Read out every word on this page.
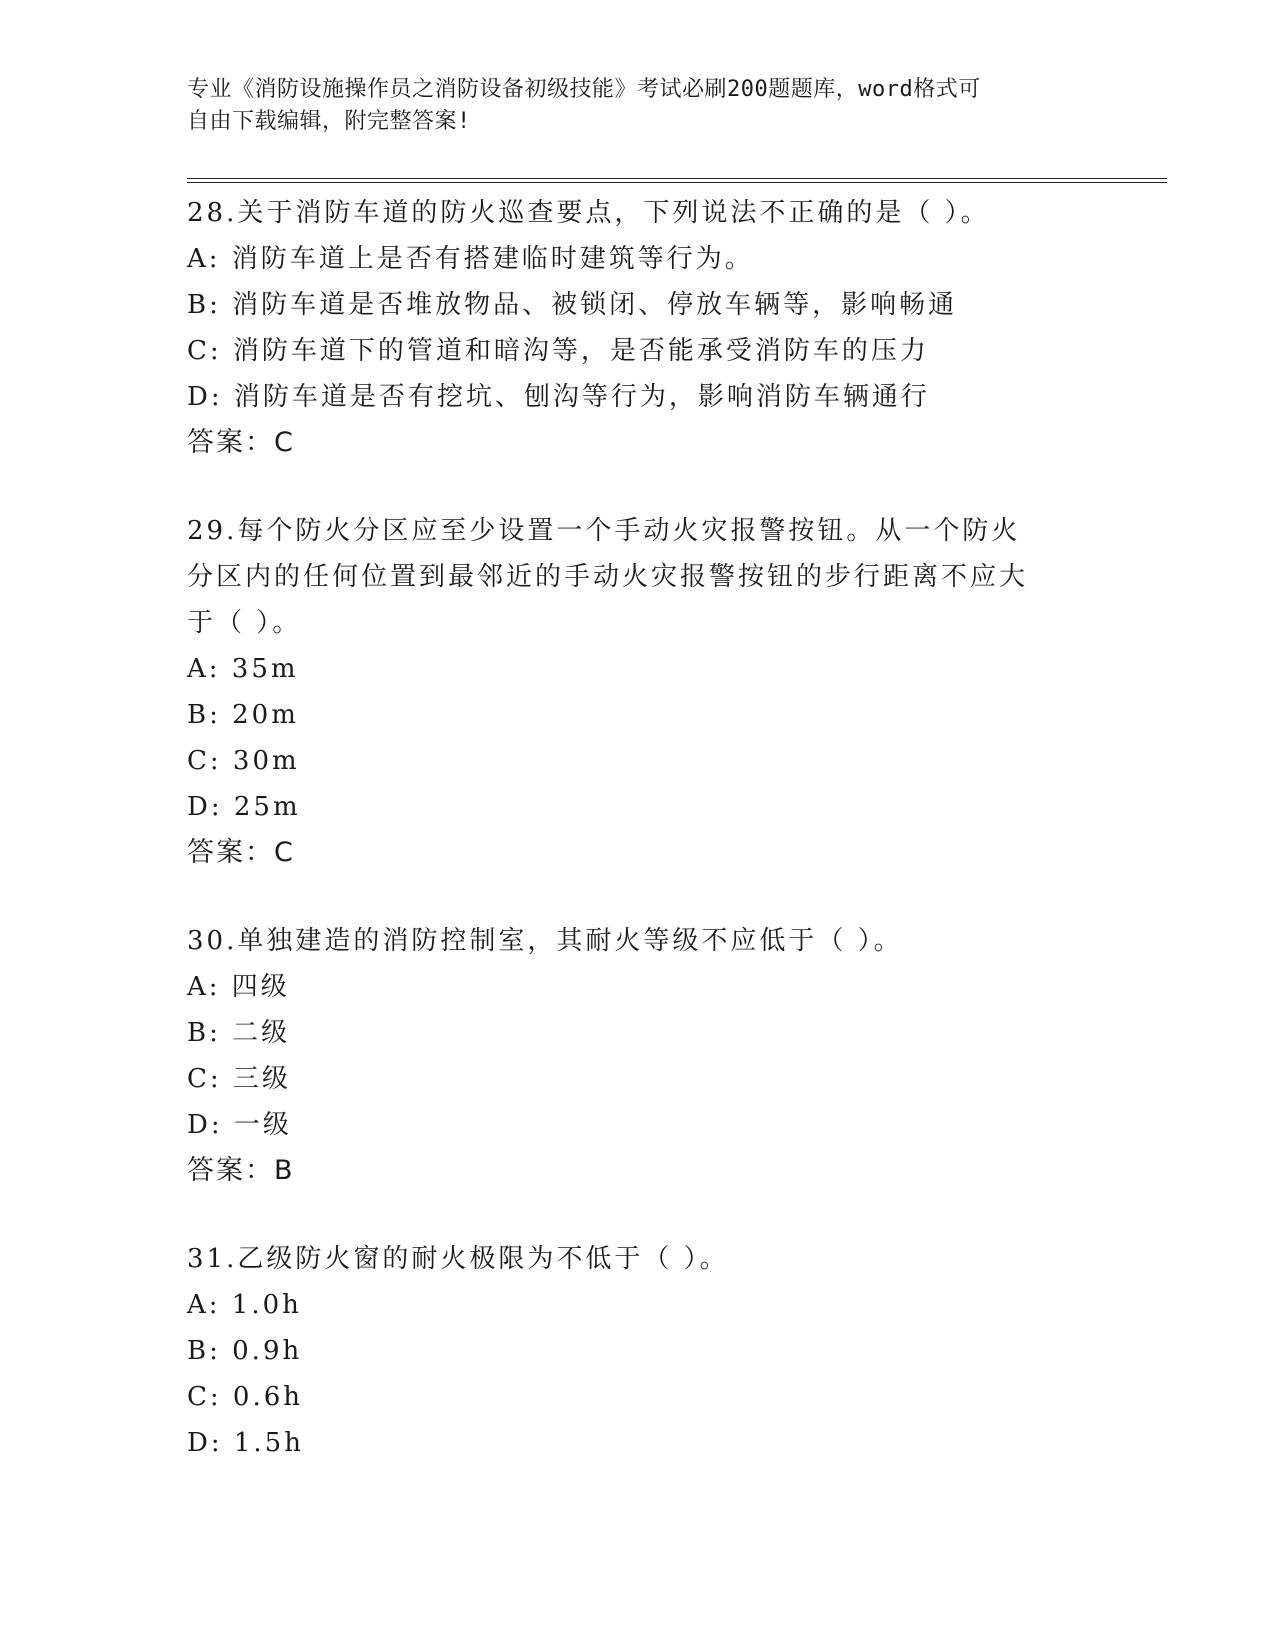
专业《消防设施操作员之消防设备初级技能》考试必刷200题题库，word格式可
自由下载编辑，附完整答案!

28.关于消防车道的防火巡查要点，下列说法不正确的是（ ）。

A: 消防车道上是否有搭建临时建筑等行为。

B: 消防车道是否堆放物品、被锁闭、停放车辆等，影响畅通

C: 消防车道下的管道和暗沟等，是否能承受消防车的压力

D: 消防车道是否有挖坑、刨沟等行为，影响消防车辆通行

答案：C

29.每个防火分区应至少设置一个手动火灾报警按钮。从一个防火分区内的任何位置到最邻近的手动火灾报警按钮的步行距离不应大于（ ）。

A: 35m

B: 20m

C: 30m

D: 25m

答案：C

30.单独建造的消防控制室，其耐火等级不应低于（ ）。

A: 四级

B: 二级

C: 三级

D: 一级

答案：B

31.乙级防火窗的耐火极限为不低于（ ）。

A: 1.0h

B: 0.9h

C: 0.6h

D: 1.5h
